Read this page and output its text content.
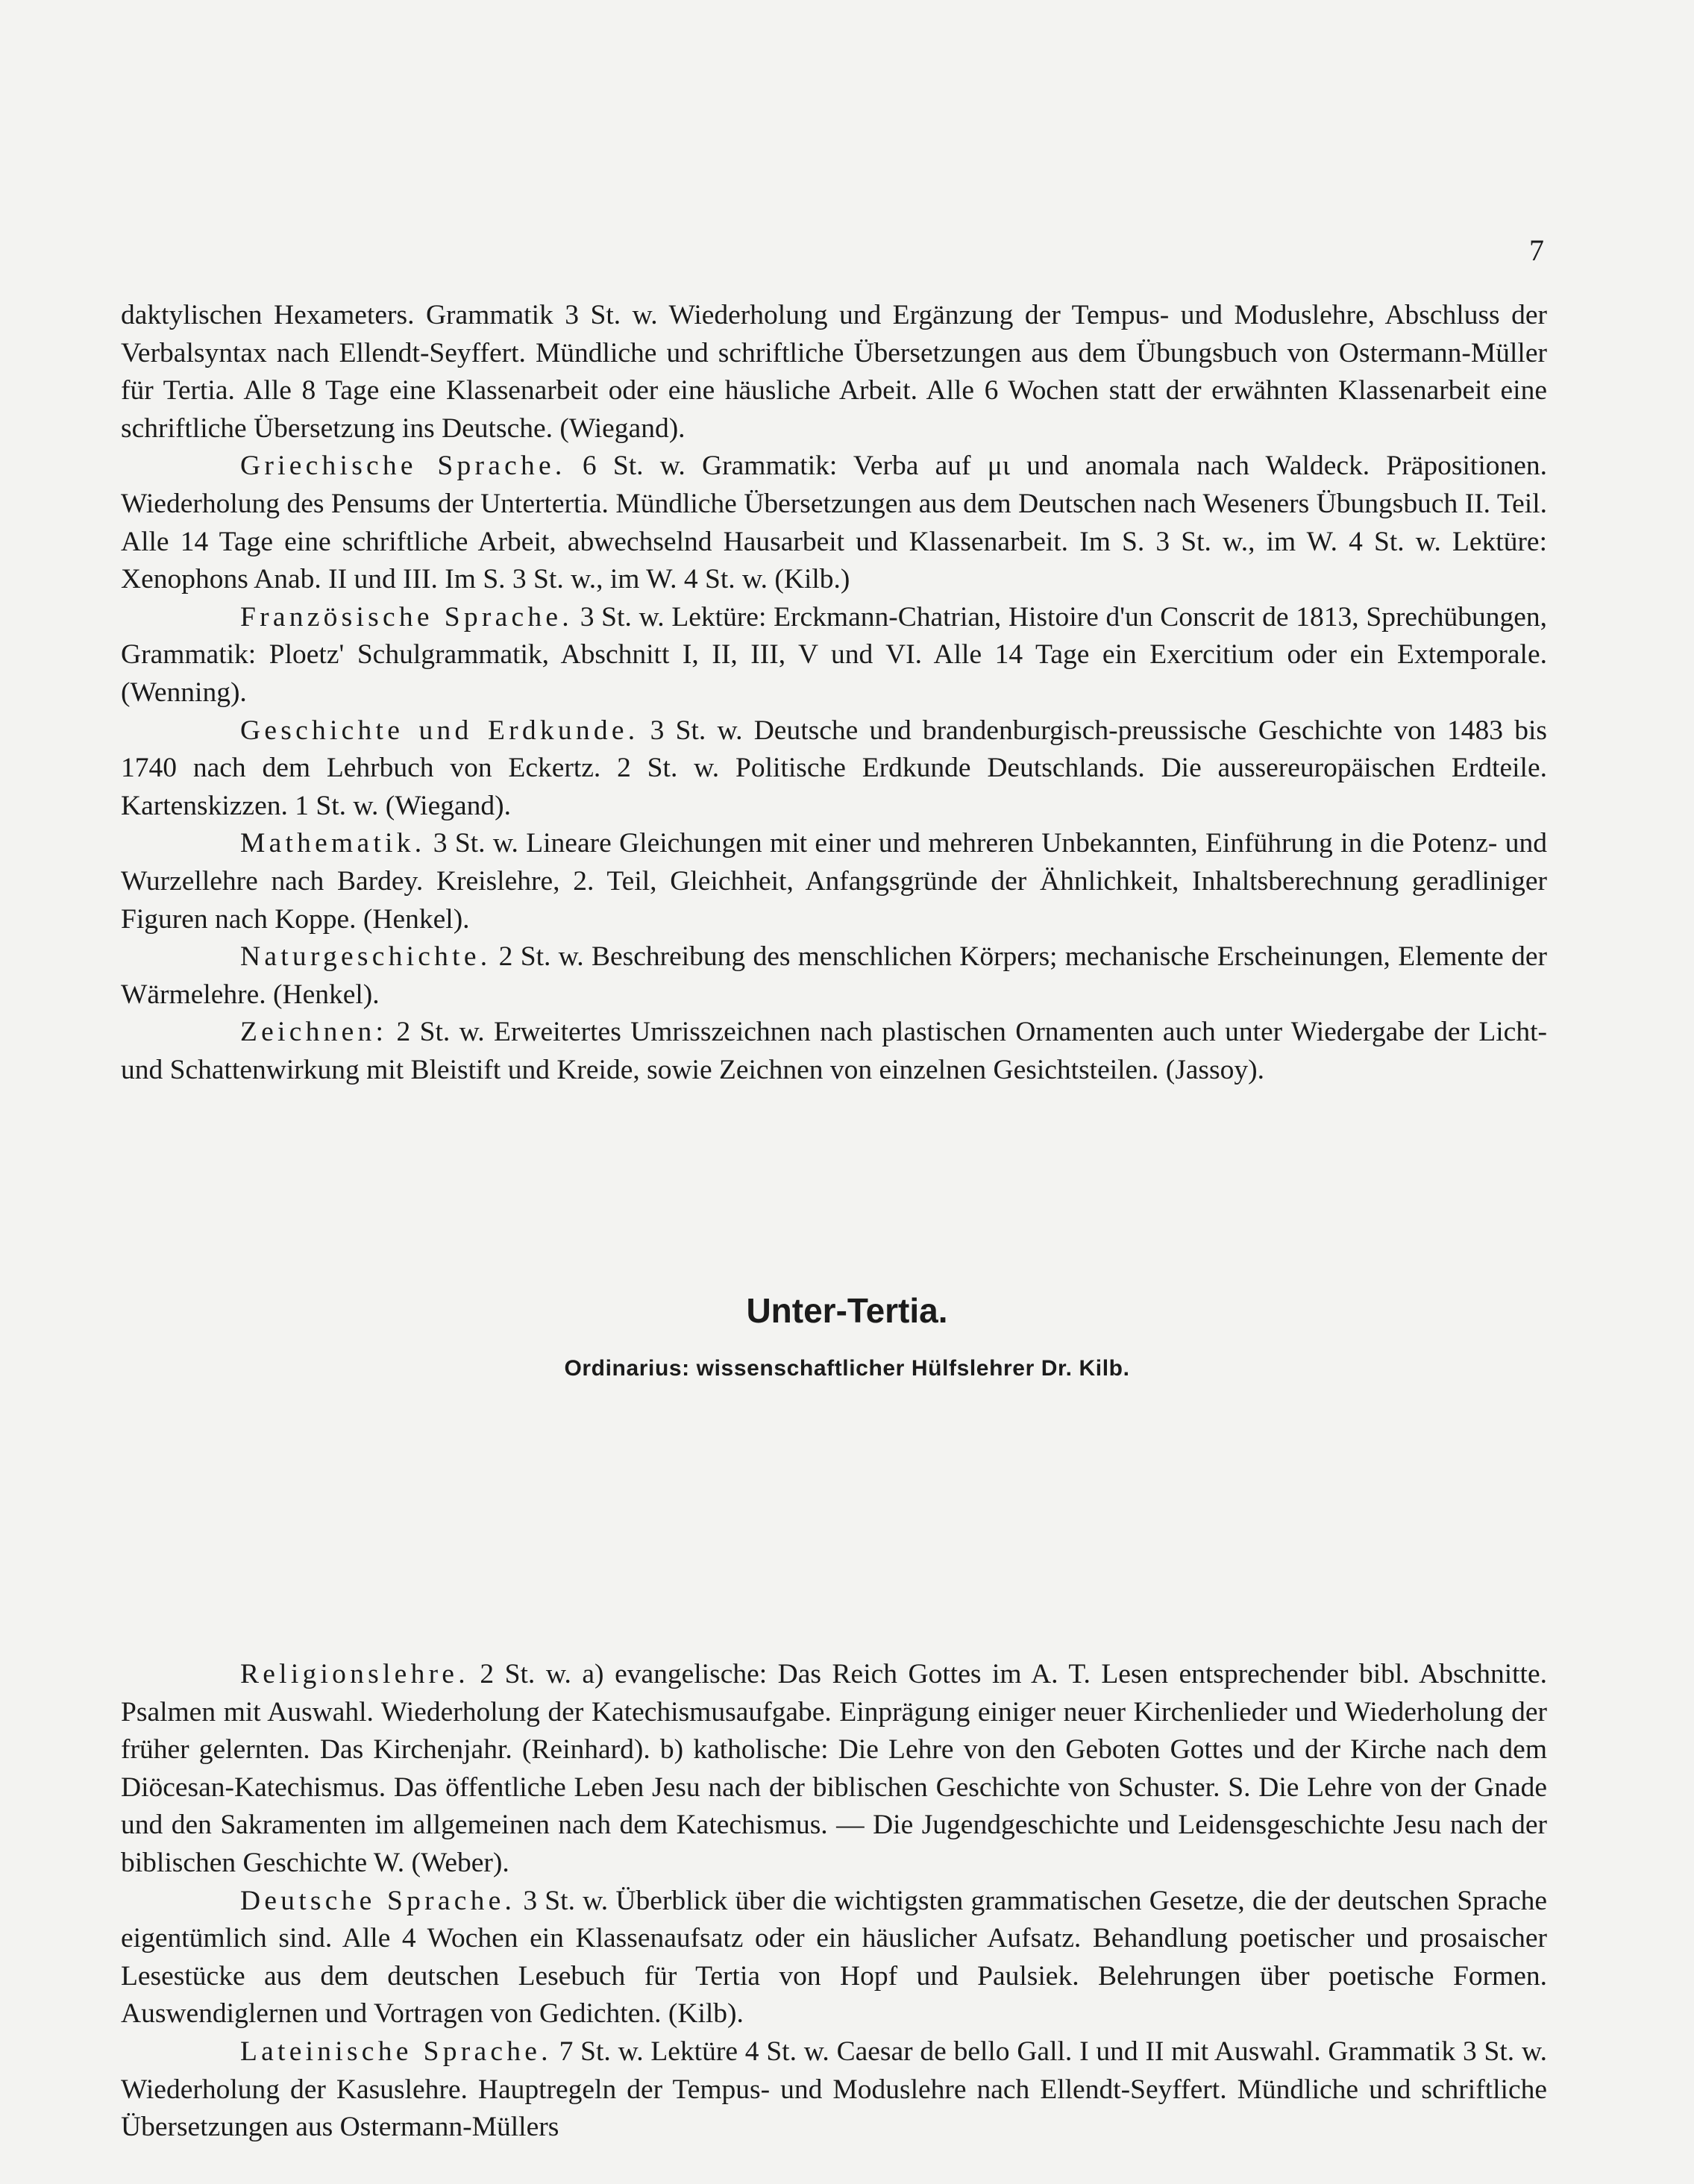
7

daktylischen Hexameters. Grammatik 3 St. w. Wiederholung und Ergänzung der Tempus- und Moduslehre, Abschluss der Verbalsyntax nach Ellendt-Seyffert. Mündliche und schriftliche Übersetzungen aus dem Übungsbuch von Ostermann-Müller für Tertia. Alle 8 Tage eine Klassenarbeit oder eine häusliche Arbeit. Alle 6 Wochen statt der erwähnten Klassenarbeit eine schriftliche Übersetzung ins Deutsche. (Wiegand).

Griechische Sprache. 6 St. w. Grammatik: Verba auf μι und anomala nach Waldeck. Präpositionen. Wiederholung des Pensums der Untertertia. Mündliche Übersetzungen aus dem Deutschen nach Weseners Übungsbuch II. Teil. Alle 14 Tage eine schriftliche Arbeit, abwechselnd Hausarbeit und Klassenarbeit. Im S. 3 St. w., im W. 4 St. w. Lektüre: Xenophons Anab. II und III. Im S. 3 St. w., im W. 4 St. w. (Kilb.)

Französische Sprache. 3 St. w. Lektüre: Erckmann-Chatrian, Histoire d'un Conscrit de 1813, Sprechübungen, Grammatik: Ploetz' Schulgrammatik, Abschnitt I, II, III, V und VI. Alle 14 Tage ein Exercitium oder ein Extemporale. (Wenning).

Geschichte und Erdkunde. 3 St. w. Deutsche und brandenburgisch-preussische Geschichte von 1483 bis 1740 nach dem Lehrbuch von Eckertz. 2 St. w. Politische Erdkunde Deutschlands. Die aussereuropäischen Erdteile. Kartenskizzen. 1 St. w. (Wiegand).

Mathematik. 3 St. w. Lineare Gleichungen mit einer und mehreren Unbekannten, Einführung in die Potenz- und Wurzellehre nach Bardey. Kreislehre, 2. Teil, Gleichheit, Anfangsgründe der Ähnlichkeit, Inhaltsberechnung geradliniger Figuren nach Koppe. (Henkel).

Naturgeschichte. 2 St. w. Beschreibung des menschlichen Körpers; mechanische Erscheinungen, Elemente der Wärmelehre. (Henkel).

Zeichnen: 2 St. w. Erweitertes Umrisszeichnen nach plastischen Ornamenten auch unter Wiedergabe der Licht- und Schattenwirkung mit Bleistift und Kreide, sowie Zeichnen von einzelnen Gesichtsteilen. (Jassoy).

Unter-Tertia.
Ordinarius: wissenschaftlicher Hülfslehrer Dr. Kilb.

Religionslehre. 2 St. w. a) evangelische: Das Reich Gottes im A. T. Lesen entsprechender bibl. Abschnitte. Psalmen mit Auswahl. Wiederholung der Katechismusaufgabe. Einprägung einiger neuer Kirchenlieder und Wiederholung der früher gelernten. Das Kirchenjahr. (Reinhard). b) katholische: Die Lehre von den Geboten Gottes und der Kirche nach dem Diöcesan-Katechismus. Das öffentliche Leben Jesu nach der biblischen Geschichte von Schuster. S. Die Lehre von der Gnade und den Sakramenten im allgemeinen nach dem Katechismus. — Die Jugendgeschichte und Leidensgeschichte Jesu nach der biblischen Geschichte W. (Weber).

Deutsche Sprache. 3 St. w. Überblick über die wichtigsten grammatischen Gesetze, die der deutschen Sprache eigentümlich sind. Alle 4 Wochen ein Klassenaufsatz oder ein häuslicher Aufsatz. Behandlung poetischer und prosaischer Lesestücke aus dem deutschen Lesebuch für Tertia von Hopf und Paulsiek. Belehrungen über poetische Formen. Auswendiglernen und Vortragen von Gedichten. (Kilb).

Lateinische Sprache. 7 St. w. Lektüre 4 St. w. Caesar de bello Gall. I und II mit Auswahl. Grammatik 3 St. w. Wiederholung der Kasuslehre. Hauptregeln der Tempus- und Moduslehre nach Ellendt-Seyffert. Mündliche und schriftliche Übersetzungen aus Ostermann-Müllers
